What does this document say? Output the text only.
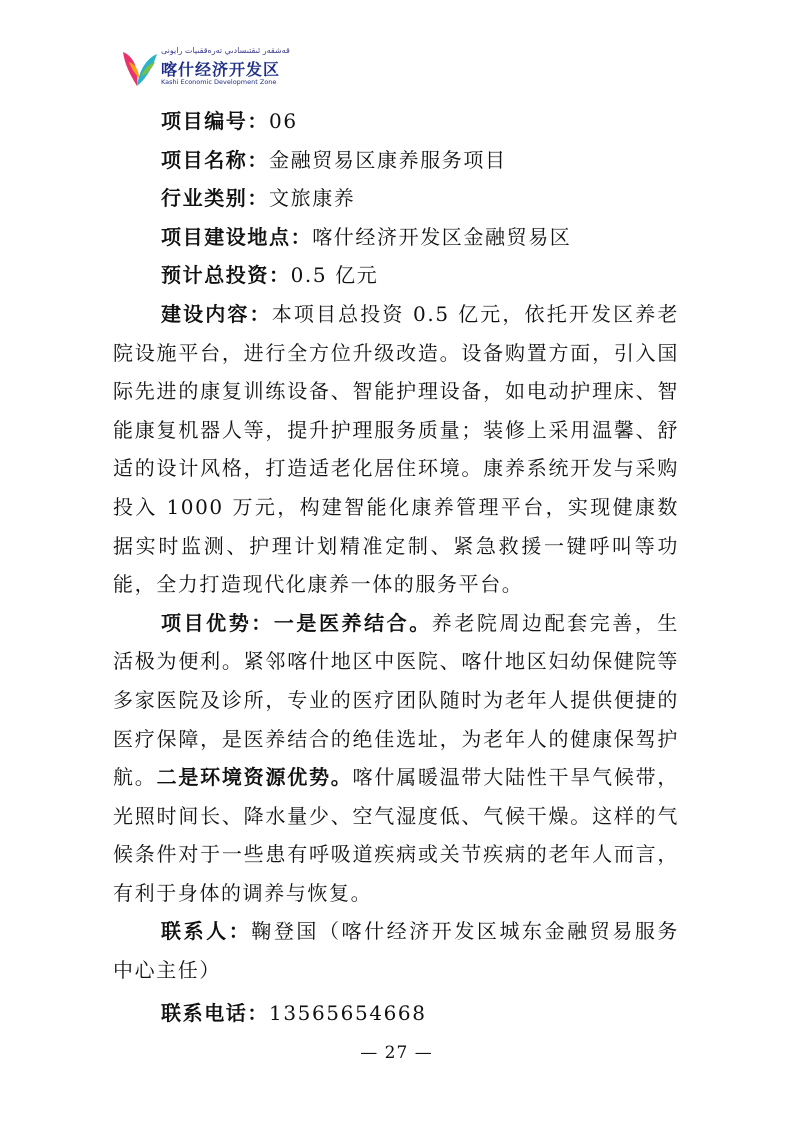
قەشقەر ئىقتىسادىي تەرەققىيات رايونى
喀什经济开发区
Kashi Economic Development Zone

项目编号：06

项目名称：金融贸易区康养服务项目

行业类别：文旅康养

项目建设地点：喀什经济开发区金融贸易区

预计总投资：0.5 亿元

建设内容：本项目总投资 0.5 亿元，依托开发区养老院设施平台，进行全方位升级改造。设备购置方面，引入国际先进的康复训练设备、智能护理设备，如电动护理床、智能康复机器人等，提升护理服务质量；装修上采用温馨、舒适的设计风格，打造适老化居住环境。康养系统开发与采购投入 1000 万元，构建智能化康养管理平台，实现健康数据实时监测、护理计划精准定制、紧急救援一键呼叫等功能，全力打造现代化康养一体的服务平台。

项目优势：一是医养结合。养老院周边配套完善，生活极为便利。紧邻喀什地区中医院、喀什地区妇幼保健院等多家医院及诊所，专业的医疗团队随时为老年人提供便捷的医疗保障，是医养结合的绝佳选址，为老年人的健康保驾护航。二是环境资源优势。喀什属暖温带大陆性干旱气候带，光照时间长、降水量少、空气湿度低、气候干燥。这样的气候条件对于一些患有呼吸道疾病或关节疾病的老年人而言，有利于身体的调养与恢复。

联系人：鞠登国（喀什经济开发区城东金融贸易服务中心主任）

联系电话：13565654668

— 27 —
